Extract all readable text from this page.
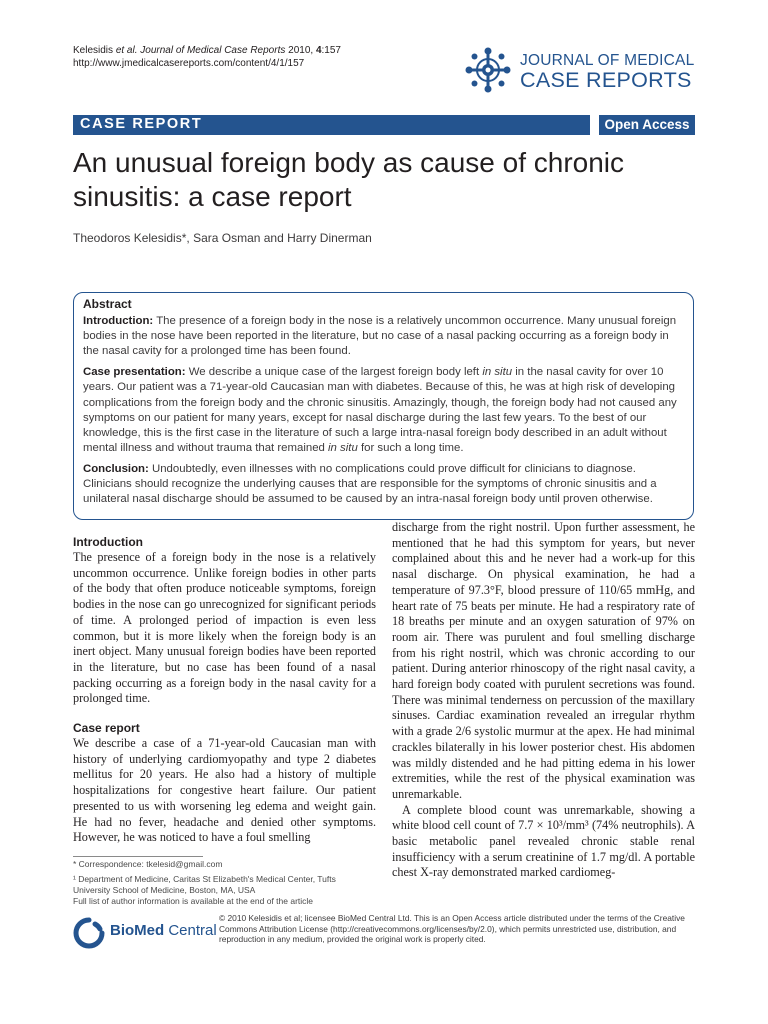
Kelesidis et al. Journal of Medical Case Reports 2010, 4:157
http://www.jmedicalcasereports.com/content/4/1/157	JOURNAL OF MEDICAL
CASE REPORTS
CASE REPORT	Open Access
An unusual foreign body as cause of chronic sinusitis: a case report
Theodoros Kelesidis*, Sara Osman and Harry Dinerman
Abstract

Introduction: The presence of a foreign body in the nose is a relatively uncommon occurrence. Many unusual foreign bodies in the nose have been reported in the literature, but no case of a nasal packing occurring as a foreign body in the nasal cavity for a prolonged time has been found.

Case presentation: We describe a unique case of the largest foreign body left in situ in the nasal cavity for over 10 years. Our patient was a 71-year-old Caucasian man with diabetes. Because of this, he was at high risk of developing complications from the foreign body and the chronic sinusitis. Amazingly, though, the foreign body had not caused any symptoms on our patient for many years, except for nasal discharge during the last few years. To the best of our knowledge, this is the first case in the literature of such a large intra-nasal foreign body described in an adult without mental illness and without trauma that remained in situ for such a long time.

Conclusion: Undoubtedly, even illnesses with no complications could prove difficult for clinicians to diagnose. Clinicians should recognize the underlying causes that are responsible for the symptoms of chronic sinusitis and a unilateral nasal discharge should be assumed to be caused by an intra-nasal foreign body until proven otherwise.

Introduction

The presence of a foreign body in the nose is a relatively uncommon occurrence. Unlike foreign bodies in other parts of the body that often produce noticeable symptoms, foreign bodies in the nose can go unrecognized for significant periods of time. A prolonged period of impaction is even less common, but it is more likely when the foreign body is an inert object. Many unusual foreign bodies have been reported in the literature, but no case has been found of a nasal packing occurring as a foreign body in the nasal cavity for a prolonged time.

Case report

We describe a case of a 71-year-old Caucasian man with history of underlying cardiomyopathy and type 2 diabetes mellitus for 20 years. He also had a history of multiple hospitalizations for congestive heart failure. Our patient presented to us with worsening leg edema and weight gain. He had no fever, headache and denied other symptoms. However, he was noticed to have a foul smelling

discharge from the right nostril. Upon further assessment, he mentioned that he had this symptom for years, but never complained about this and he never had a work-up for this nasal discharge. On physical examination, he had a temperature of 97.3°F, blood pressure of 110/65 mmHg, and heart rate of 75 beats per minute. He had a respiratory rate of 18 breaths per minute and an oxygen saturation of 97% on room air. There was purulent and foul smelling discharge from his right nostril, which was chronic according to our patient. During anterior rhinoscopy of the right nasal cavity, a hard foreign body coated with purulent secretions was found. There was minimal tenderness on percussion of the maxillary sinuses. Cardiac examination revealed an irregular rhythm with a grade 2/6 systolic murmur at the apex. He had minimal crackles bilaterally in his lower posterior chest. His abdomen was mildly distended and he had pitting edema in his lower extremities, while the rest of the physical examination was unremarkable.

A complete blood count was unremarkable, showing a white blood cell count of 7.7 × 10³/mm³ (74% neutrophils). A basic metabolic panel revealed chronic stable renal insufficiency with a serum creatinine of 1.7 mg/dl. A portable chest X-ray demonstrated marked cardiomeg-

* Correspondence: tkelesid@gmail.com

¹ Department of Medicine, Caritas St Elizabeth's Medical Center, Tufts

University School of Medicine, Boston, MA, USA

Full list of author information is available at the end of the article

BioMed Central
© 2010 Kelesidis et al; licensee BioMed Central Ltd. This is an Open Access article distributed under the terms of the Creative Commons Attribution License (http://creativecommons.org/licenses/by/2.0), which permits unrestricted use, distribution, and reproduction in any medium, provided the original work is properly cited.
